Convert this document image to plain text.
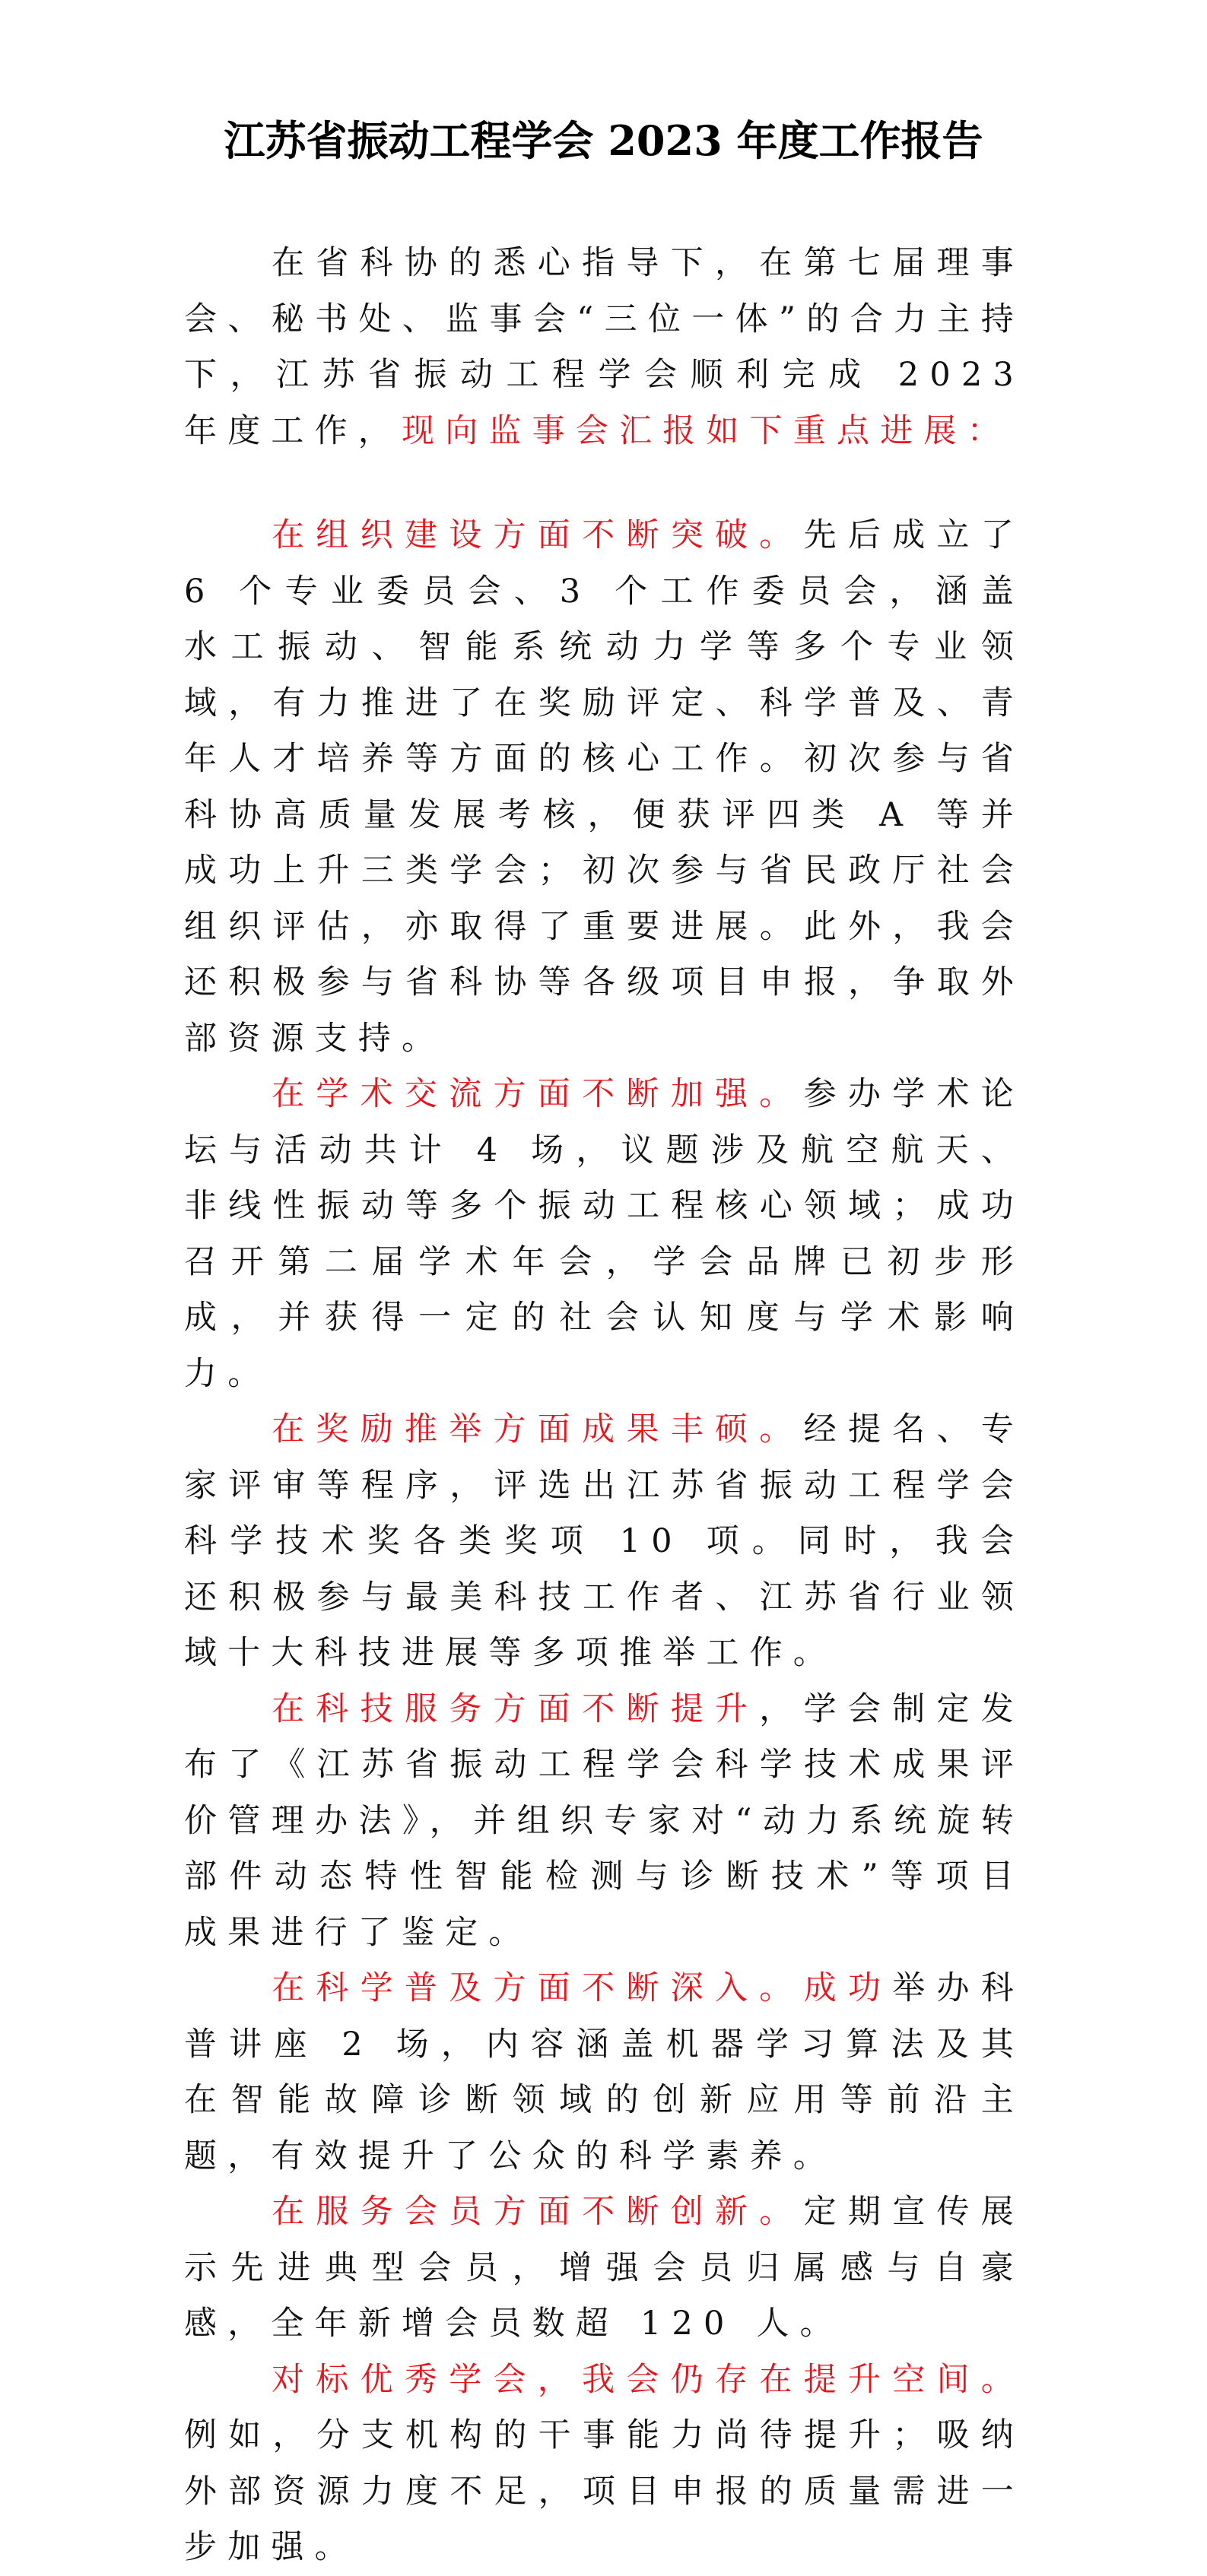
江苏省振动工程学会 2023 年度工作报告

在省科协的悉心指导下，在第七届理事会、秘书处、监事会“三位一体”的合力主持下，江苏省振动工程学会顺利完成 2023 年度工作，现向监事会汇报如下重点进展：

在组织建设方面不断突破。先后成立了 6 个专业委员会、3 个工作委员会，涵盖水工振动、智能系统动力学等多个专业领域，有力推进了在奖励评定、科学普及、青年人才培养等方面的核心工作。初次参与省科协高质量发展考核，便获评四类 A 等并成功上升三类学会；初次参与省民政厅社会组织评估，亦取得了重要进展。此外，我会还积极参与省科协等各级项目申报，争取外部资源支持。

在学术交流方面不断加强。参办学术论坛与活动共计 4 场，议题涉及航空航天、非线性振动等多个振动工程核心领域；成功召开第二届学术年会，学会品牌已初步形成，并获得一定的社会认知度与学术影响力。

在奖励推举方面成果丰硕。经提名、专家评审等程序，评选出江苏省振动工程学会科学技术奖各类奖项 10 项。同时，我会还积极参与最美科技工作者、江苏省行业领域十大科技进展等多项推举工作。

在科技服务方面不断提升，学会制定发布了《江苏省振动工程学会科学技术成果评价管理办法》，并组织专家对“动力系统旋转部件动态特性智能检测与诊断技术”等项目成果进行了鉴定。

在科学普及方面不断深入。成功举办科普讲座 2 场，内容涵盖机器学习算法及其在智能故障诊断领域的创新应用等前沿主题，有效提升了公众的科学素养。

在服务会员方面不断创新。定期宣传展示先进典型会员，增强会员归属感与自豪感，全年新增会员数超 120 人。

对标优秀学会，我会仍存在提升空间。例如，分支机构的干事能力尚待提升；吸纳外部资源力度不足，项目申报的质量需进一步加强。
